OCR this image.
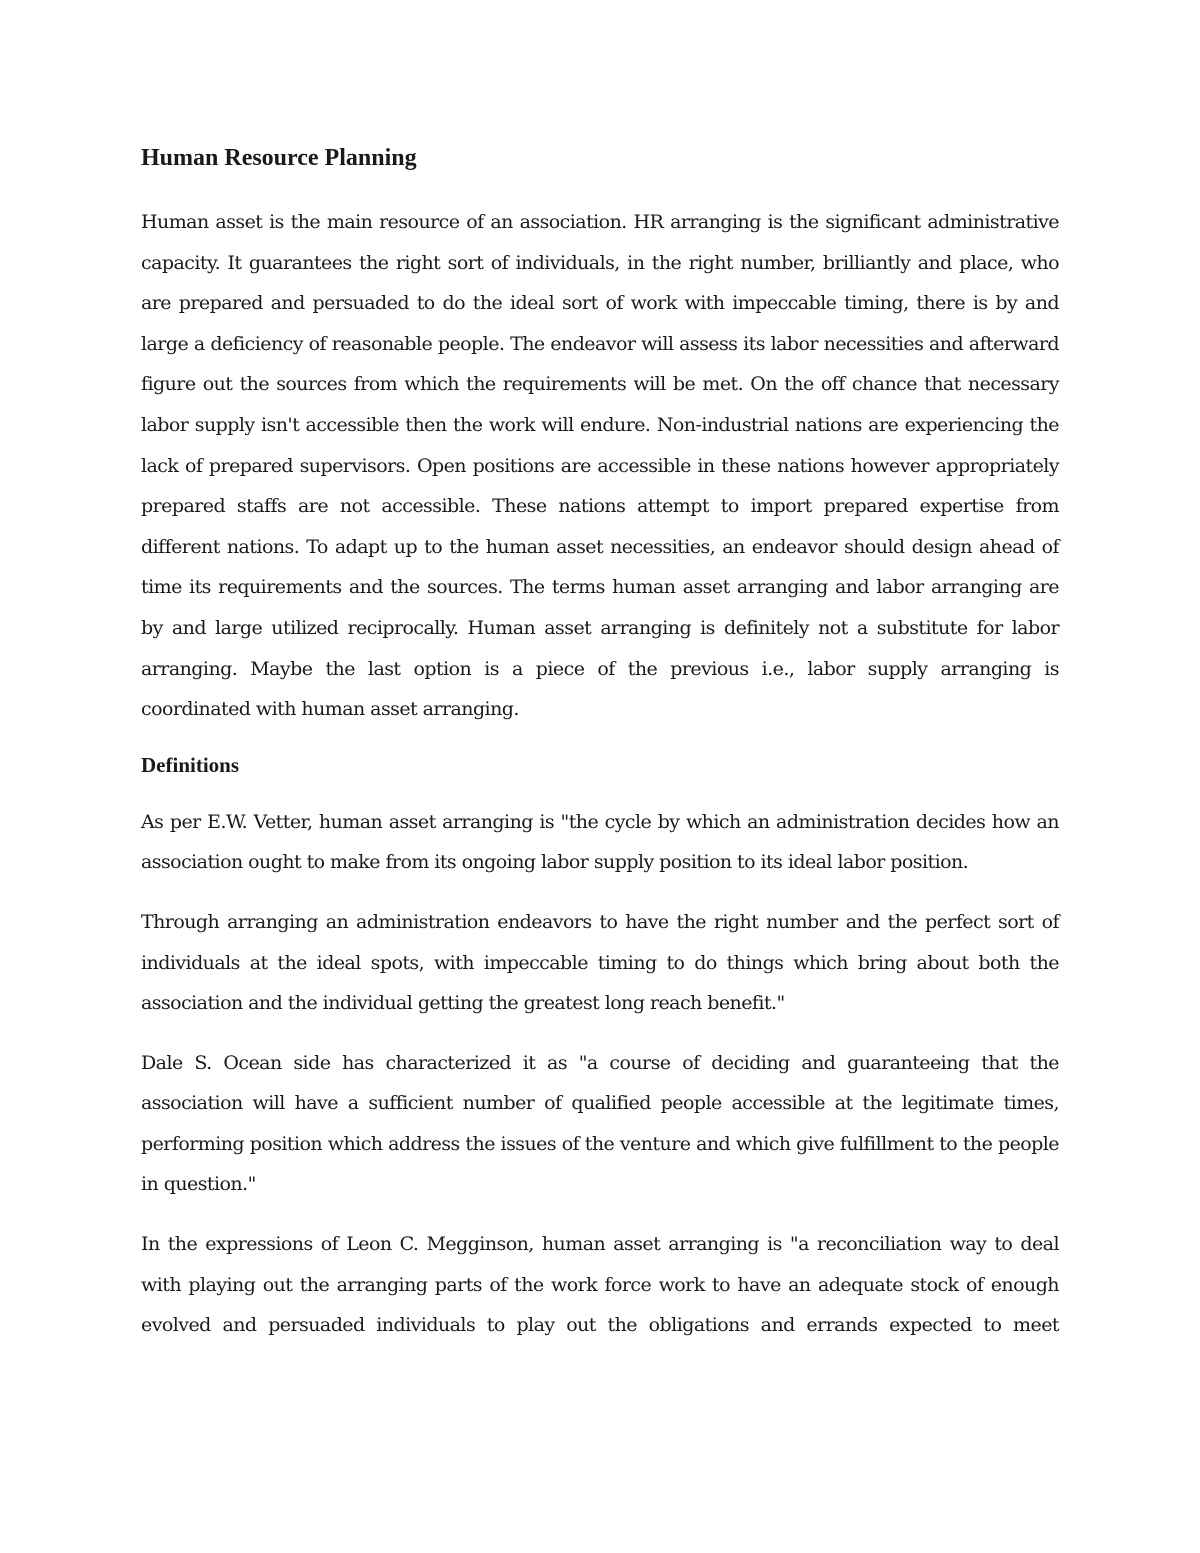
Human Resource Planning

Human asset is the main resource of an association. HR arranging is the significant administrative capacity. It guarantees the right sort of individuals, in the right number, brilliantly and place, who are prepared and persuaded to do the ideal sort of work with impeccable timing, there is by and large a deficiency of reasonable people. The endeavor will assess its labor necessities and afterward figure out the sources from which the requirements will be met. On the off chance that necessary labor supply isn't accessible then the work will endure. Non-industrial nations are experiencing the lack of prepared supervisors. Open positions are accessible in these nations however appropriately prepared staffs are not accessible. These nations attempt to import prepared expertise from different nations. To adapt up to the human asset necessities, an endeavor should design ahead of time its requirements and the sources. The terms human asset arranging and labor arranging are by and large utilized reciprocally. Human asset arranging is definitely not a substitute for labor arranging. Maybe the last option is a piece of the previous i.e., labor supply arranging is coordinated with human asset arranging.

Definitions

As per E.W. Vetter, human asset arranging is "the cycle by which an administration decides how an association ought to make from its ongoing labor supply position to its ideal labor position.

Through arranging an administration endeavors to have the right number and the perfect sort of individuals at the ideal spots, with impeccable timing to do things which bring about both the association and the individual getting the greatest long reach benefit."

Dale S. Ocean side has characterized it as "a course of deciding and guaranteeing that the association will have a sufficient number of qualified people accessible at the legitimate times, performing position which address the issues of the venture and which give fulfillment to the people in question."

In the expressions of Leon C. Megginson, human asset arranging is "a reconciliation way to deal with playing out the arranging parts of the work force work to have an adequate stock of enough evolved and persuaded individuals to play out the obligations and errands expected to meet
